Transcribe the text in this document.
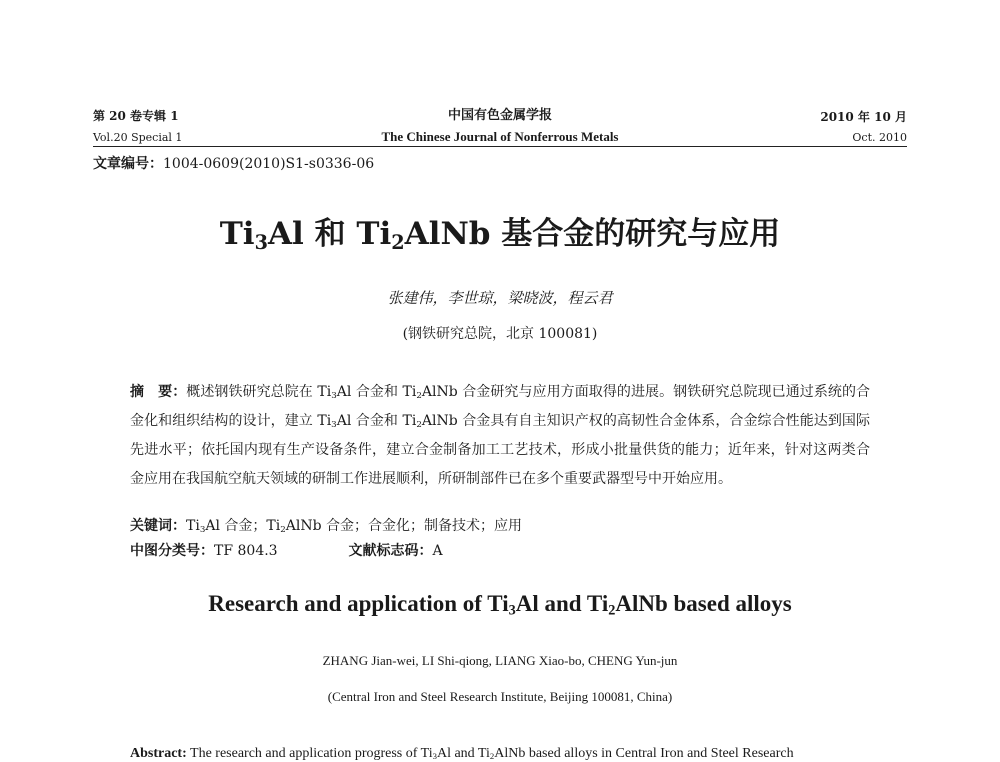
第 20 卷专辑 1
Vol.20 Special 1
中国有色金属学报
The Chinese Journal of Nonferrous Metals
2010 年 10 月
Oct. 2010
文章编号：1004-0609(2010)S1-s0336-06
$Ti_3Al$ 和 $Ti_2AlNb$ 基合金的研究与应用
张建伟，李世琼，梁晓波，程云君
(钢铁研究总院，北京 100081)
摘　要：概述钢铁研究总院在 $Ti_3Al$ 合金和 $Ti_2AlNb$ 合金研究与应用方面取得的进展。钢铁研究总院现已通过系统的合金化和组织结构的设计，建立 $Ti_3Al$ 合金和 $Ti_2AlNb$ 合金具有自主知识产权的高韧性合金体系，合金综合性能达到国际先进水平；依托国内现有生产设备条件，建立合金制备加工工艺技术，形成小批量供货的能力；近年来，针对这两类合金应用在我国航空航天领域的研制工作进展顺利，所研制部件已在多个重要武器型号中开始应用。
关键词：$Ti_3Al$ 合金；$Ti_2AlNb$ 合金；合金化；制备技术；应用
中图分类号：TF 804.3	文献标志码：A
Research and application of $Ti_3Al$ and $Ti_2AlNb$ based alloys
ZHANG Jian-wei, LI Shi-qiong, LIANG Xiao-bo, CHENG Yun-jun
(Central Iron and Steel Research Institute, Beijing 100081, China)
Abstract: The research and application progress of $Ti_3Al$ and $Ti_2AlNb$ based alloys in Central Iron and Steel Research
